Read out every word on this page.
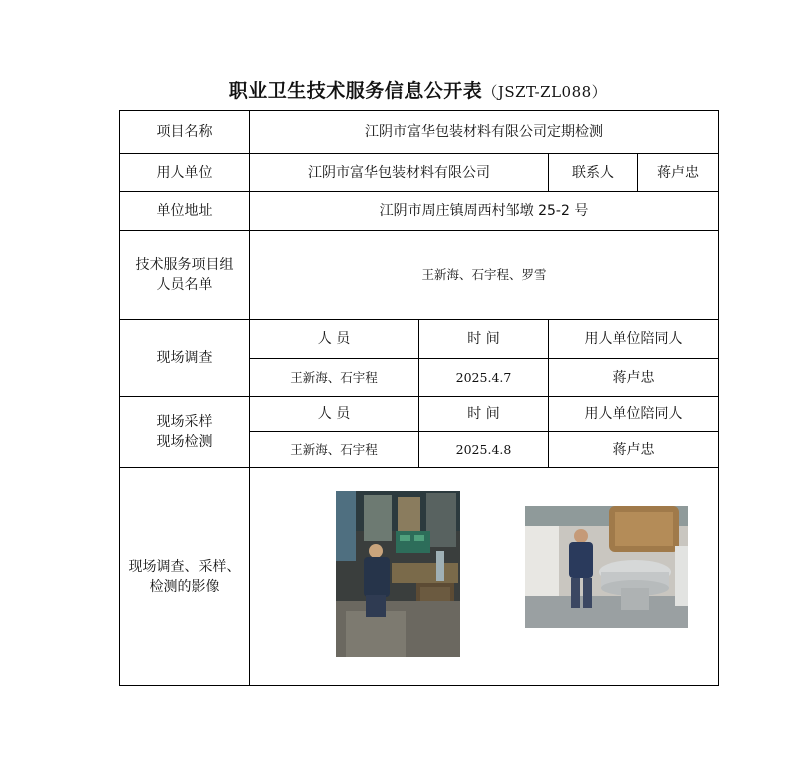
职业卫生技术服务信息公开表（JSZT-ZL088）
项目名称	江阴市富华包装材料有限公司定期检测			
用人单位	江阴市富华包装材料有限公司		联系人	蒋卢忠
单位地址	江阴市周庄镇周西村邹墩 25-2 号			

技术服务项目组
人员名单	王新海、石宇程、罗雪			
现场调查	人 员	时 间	用人单位陪同人	
	王新海、石宇程	2025.4.7	蒋卢忠	

现场采样
现场检测	人 员	时 间	用人单位陪同人	
	王新海、石宇程	2025.4.8	蒋卢忠	

现场调查、采样、
检测的影像
